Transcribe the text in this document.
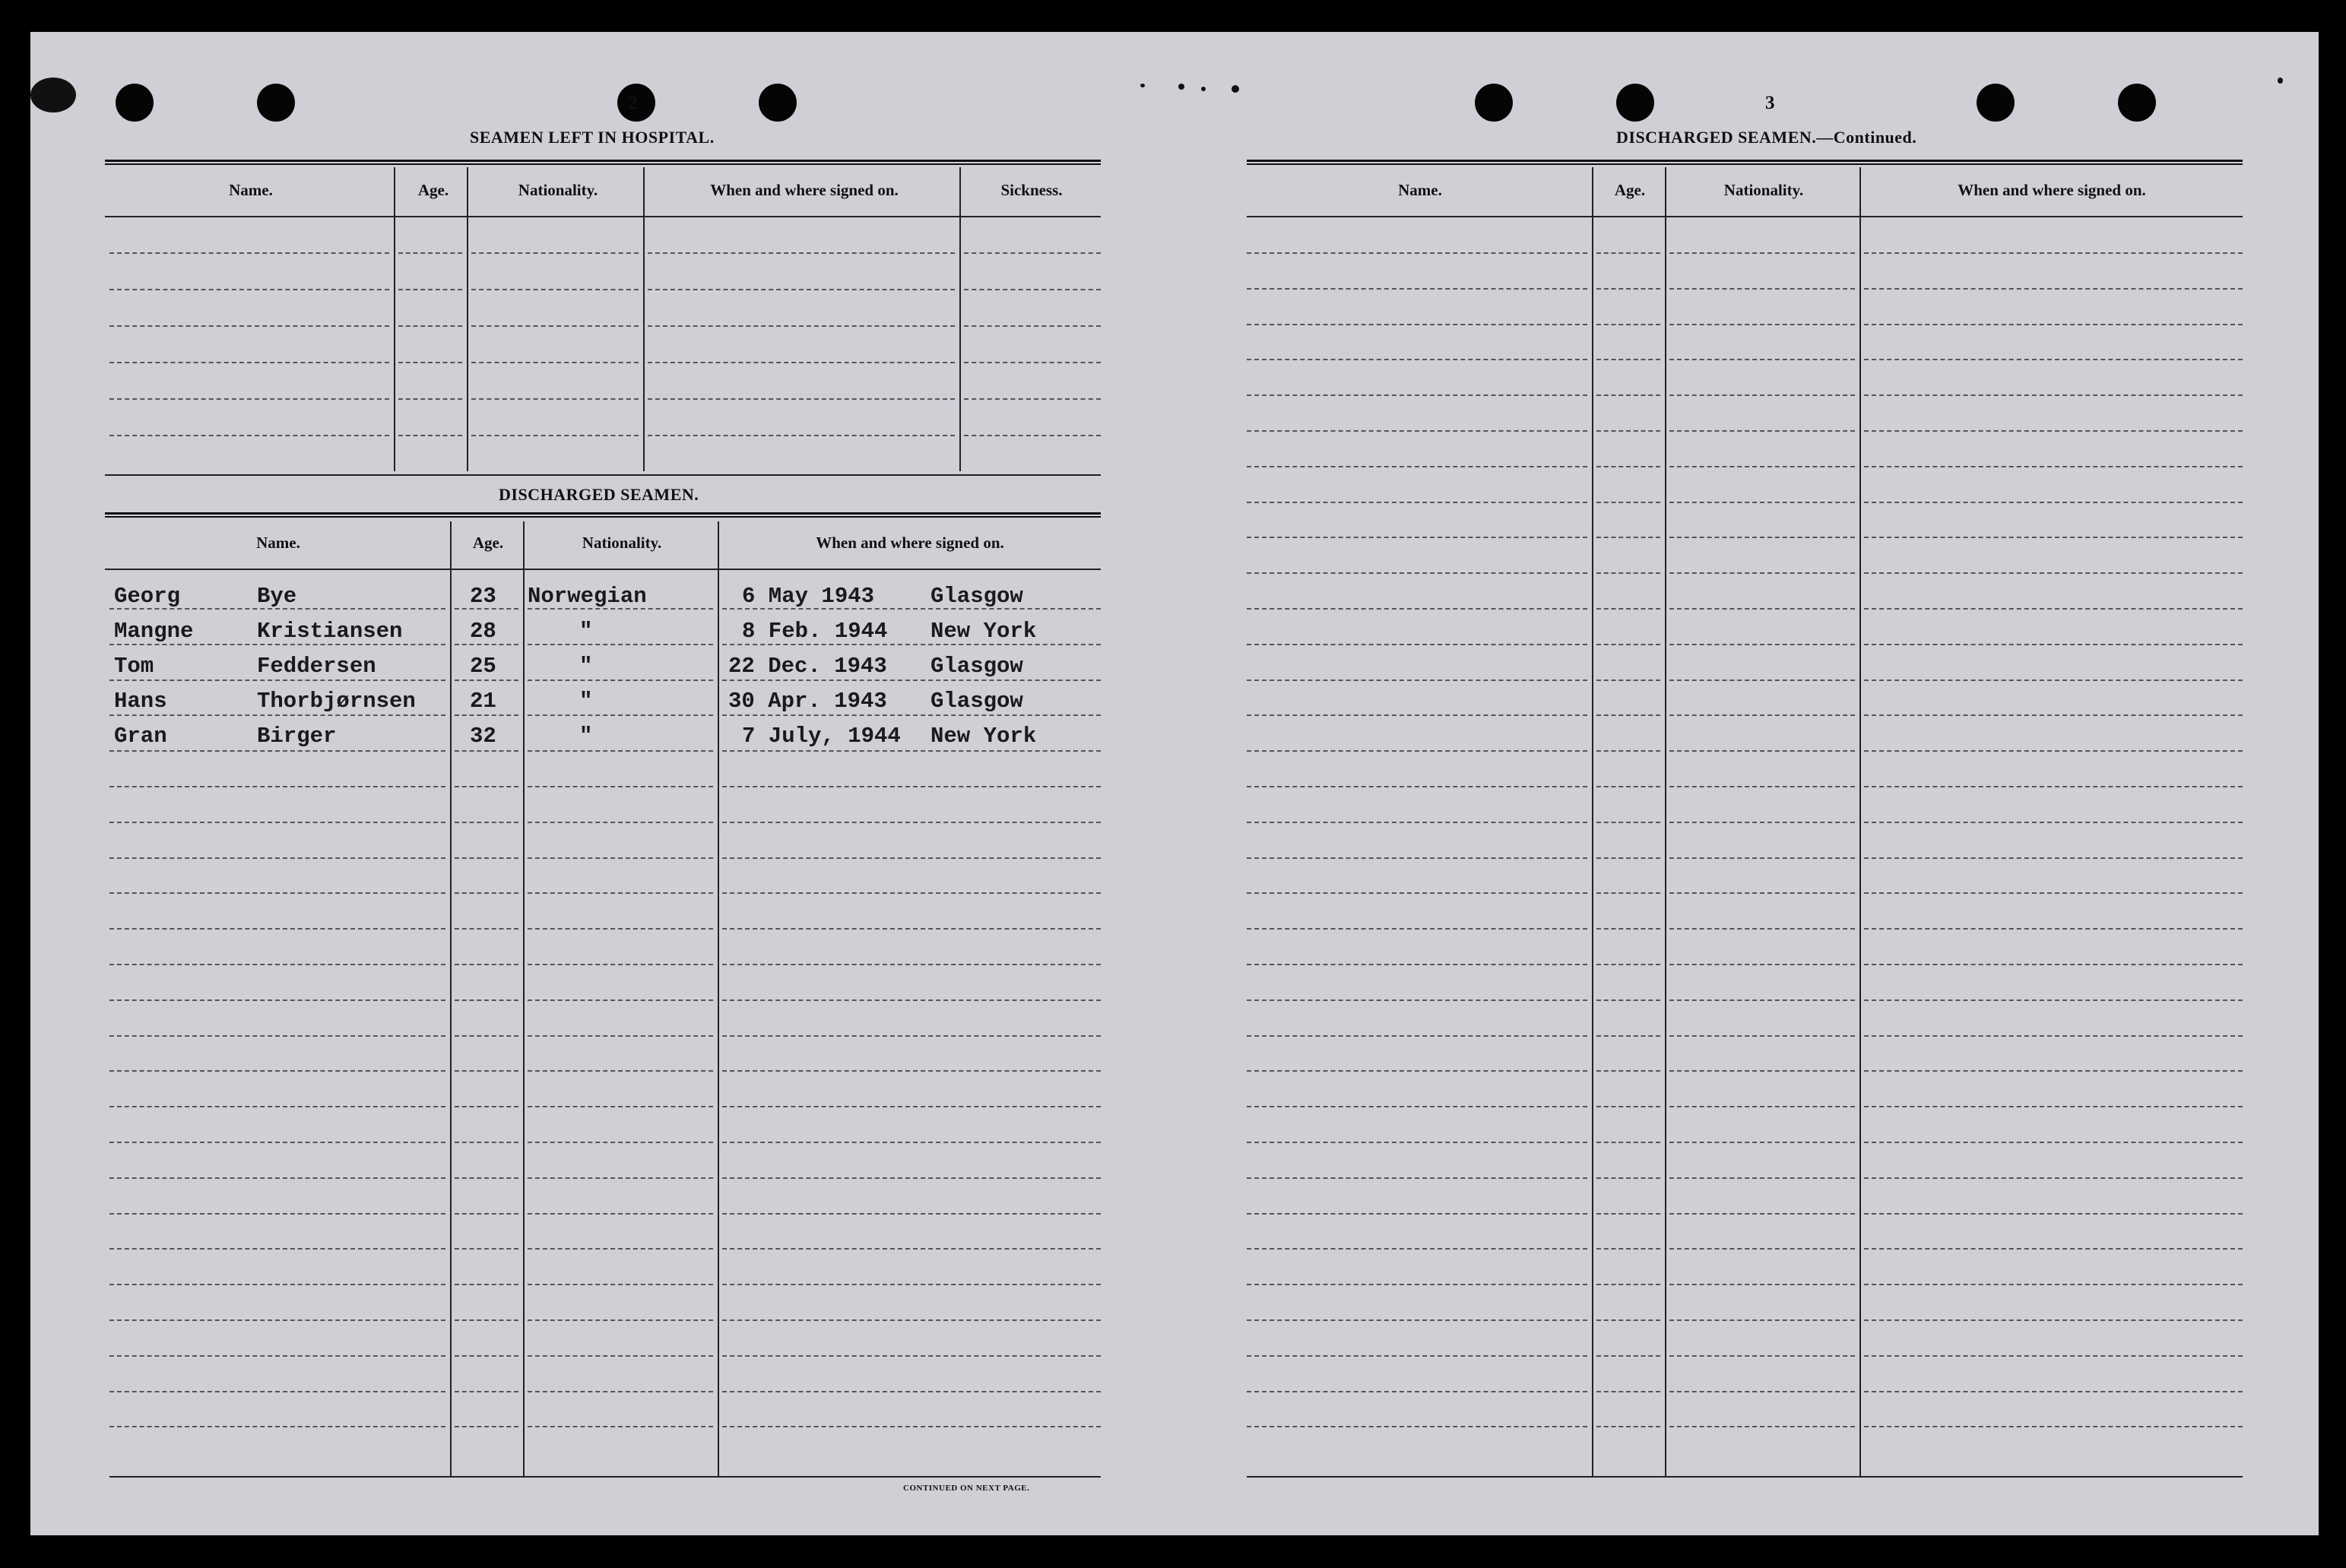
2
SEAMEN LEFT IN HOSPITAL.
Name.	Age.	Nationality.	When and where signed on.	Sickness.
DISCHARGED SEAMEN.
Name.	Age.	Nationality.	When and where signed on.
Georg	Bye	23 Norwegian	6 May 1943	Glasgow
Mangne	Kristiansen	28	"	8 Feb. 1944 New York
Tom	Feddersen	25	"	22 Dec. 1943 Glasgow
Hans	Thorbjørnsen 21	"	30 Apr. 1943 Glasgow
Gran	Birger	32	"	7 July, 1944 New York
CONTINUED ON NEXT PAGE.
3
DISCHARGED SEAMEN.—Continued.
Name.	Age.	Nationality.	When and where signed on.
